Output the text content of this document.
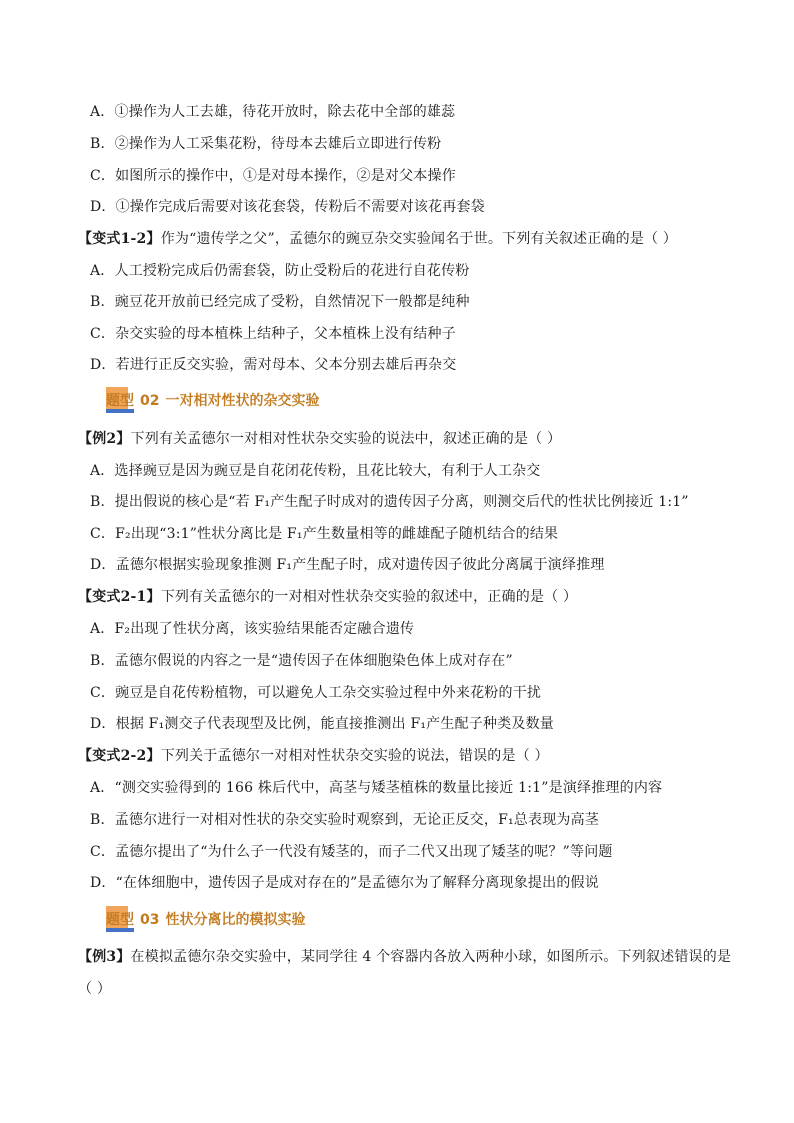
A．①操作为人工去雄，待花开放时，除去花中全部的雄蕊
B．②操作为人工采集花粉，待母本去雄后立即进行传粉
C．如图所示的操作中，①是对母本操作，②是对父本操作
D．①操作完成后需要对该花套袋，传粉后不需要对该花再套袋
【变式1-2】作为“遗传学之父”，孟德尔的豌豆杂交实验闻名于世。下列有关叙述正确的是（ ）
A．人工授粉完成后仍需套袋，防止受粉后的花进行自花传粉
B．豌豆花开放前已经完成了受粉，自然情况下一般都是纯种
C．杂交实验的母本植株上结种子，父本植株上没有结种子
D．若进行正反交实验，需对母本、父本分别去雄后再杂交
题型 02 一对相对性状的杂交实验
【例2】下列有关孟德尔一对相对性状杂交实验的说法中，叙述正确的是（ ）
A．选择豌豆是因为豌豆是自花闭花传粉，且花比较大，有利于人工杂交
B．提出假说的核心是“若 F₁产生配子时成对的遗传因子分离，则测交后代的性状比例接近 1:1”
C．F₂出现“3:1”性状分离比是 F₁产生数量相等的雌雄配子随机结合的结果
D．孟德尔根据实验现象推测 F₁产生配子时，成对遗传因子彼此分离属于演绎推理
【变式2-1】下列有关孟德尔的一对相对性状杂交实验的叙述中，正确的是（ ）
A．F₂出现了性状分离，该实验结果能否定融合遗传
B．孟德尔假说的内容之一是“遗传因子在体细胞染色体上成对存在”
C．豌豆是自花传粉植物，可以避免人工杂交实验过程中外来花粉的干扰
D．根据 F₁测交子代表现型及比例，能直接推测出 F₁产生配子种类及数量
【变式2-2】下列关于孟德尔一对相对性状杂交实验的说法，错误的是（ ）
A．“测交实验得到的 166 株后代中，高茎与矮茎植株的数量比接近 1:1”是演绎推理的内容
B．孟德尔进行一对相对性状的杂交实验时观察到，无论正反交，F₁总表现为高茎
C．孟德尔提出了“为什么子一代没有矮茎的，而子二代又出现了矮茎的呢？”等问题
D．“在体细胞中，遗传因子是成对存在的”是孟德尔为了解释分离现象提出的假说
题型 03 性状分离比的模拟实验
【例3】在模拟孟德尔杂交实验中，某同学往 4 个容器内各放入两种小球，如图所示。下列叙述错误的是
（ ）
